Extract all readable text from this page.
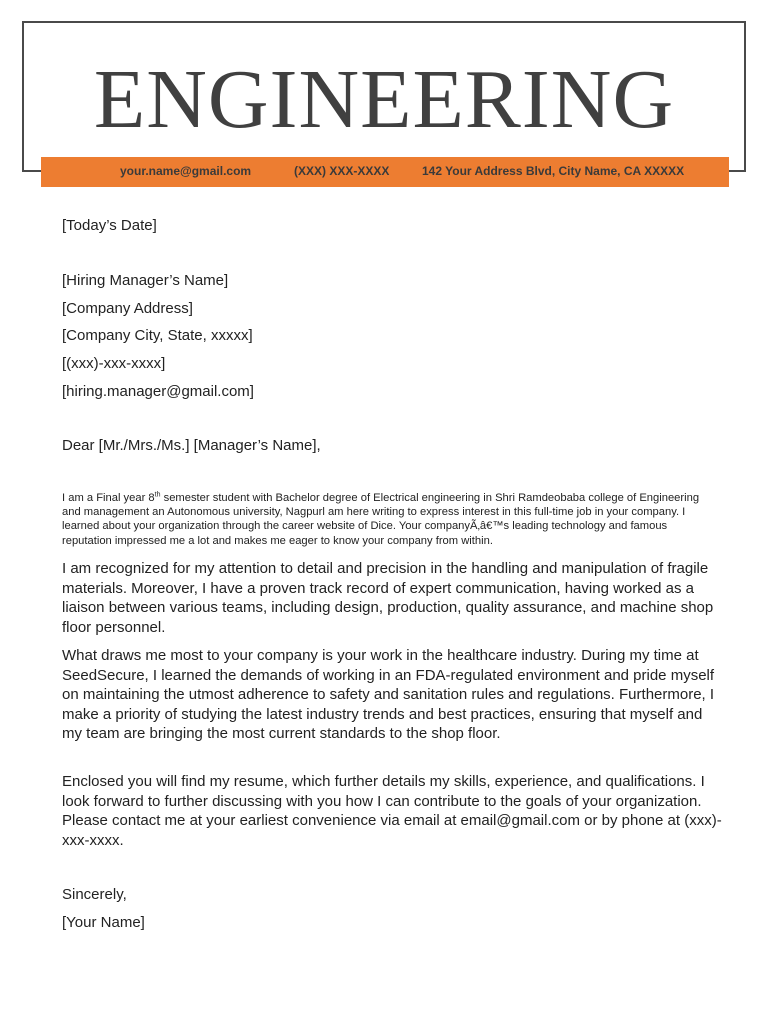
ENGINEERING
your.name@gmail.com	(XXX) XXX-XXXX	142 Your Address Blvd, City Name, CA XXXXX
[Today’s Date]
[Hiring Manager’s Name]
[Company Address]
[Company City, State, xxxxx]
[(xxx)-xxx-xxxx]
[hiring.manager@gmail.com]
Dear [Mr./Mrs./Ms.] [Manager’s Name],
I am a Final year 8th semester student with Bachelor degree of Electrical engineering in Shri Ramdeobaba college of Engineering and management an Autonomous university, Nagpurl am here writing to express interest in this full-time job in your company. I learned about your organization through the career website of Dice. Your companyÃ‚â€™s leading technology and famous reputation impressed me a lot and makes me eager to know your company from within.
I am recognized for my attention to detail and precision in the handling and manipulation of fragile materials. Moreover, I have a proven track record of expert communication, having worked as a liaison between various teams, including design, production, quality assurance, and machine shop floor personnel.
What draws me most to your company is your work in the healthcare industry. During my time at SeedSecure, I learned the demands of working in an FDA-regulated environment and pride myself on maintaining the utmost adherence to safety and sanitation rules and regulations. Furthermore, I make a priority of studying the latest industry trends and best practices, ensuring that myself and my team are bringing the most current standards to the shop floor.
Enclosed you will find my resume, which further details my skills, experience, and qualifications. I look forward to further discussing with you how I can contribute to the goals of your organization. Please contact me at your earliest convenience via email at email@gmail.com or by phone at (xxx)-xxx-xxxx.
Sincerely,
[Your Name]
